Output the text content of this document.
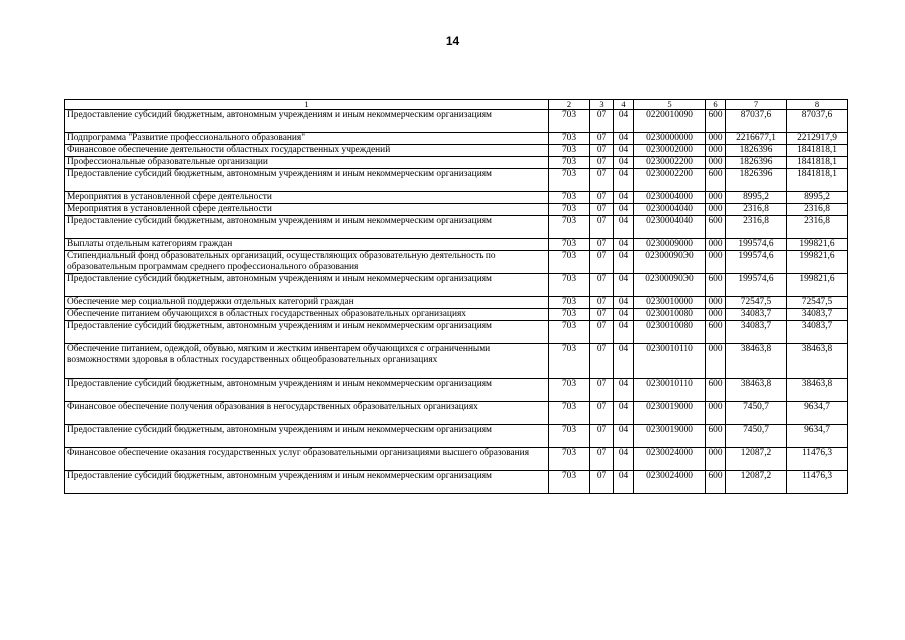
14
1	2	3	4	5	6	7	8
Предоставление субсидий бюджетным, автономным учреждениям и иным некоммерческим организациям	703	07	04	0220010090	600	87037,6	87037,6
Подпрограмма "Развитие профессионального образования"	703	07	04	0230000000	000	2216677,1	2212917,9
Финансовое обеспечение деятельности областных государственных учреждений	703	07	04	0230002000	000	1826396	1841818,1
Профессиональные образовательные организации	703	07	04	0230002200	000	1826396	1841818,1
Предоставление субсидий бюджетным, автономным учреждениям и иным некоммерческим организациям	703	07	04	0230002200	600	1826396	1841818,1
Мероприятия в установленной сфере деятельности	703	07	04	0230004000	000	8995,2	8995,2
Мероприятия в установленной сфере деятельности	703	07	04	0230004040	000	2316,8	2316,8
Предоставление субсидий бюджетным, автономным учреждениям и иным некоммерческим организациям	703	07	04	0230004040	600	2316,8	2316,8
Выплаты отдельным категориям граждан	703	07	04	0230009000	000	199574,6	199821,6
Стипендиальный фонд образовательных организаций, осуществляющих образовательную деятельность по образовательным программам среднего профессионального образования	703	07	04	02300090Э0	000	199574,6	199821,6
Предоставление субсидий бюджетным, автономным учреждениям и иным некоммерческим организациям	703	07	04	02300090Э0	600	199574,6	199821,6
Обеспечение мер социальной поддержки отдельных категорий граждан	703	07	04	0230010000	000	72547,5	72547,5
Обеспечение питанием обучающихся в областных государственных образовательных организациях	703	07	04	0230010080	000	34083,7	34083,7
Предоставление субсидий бюджетным, автономным учреждениям и иным некоммерческим организациям	703	07	04	0230010080	600	34083,7	34083,7
Обеспечение питанием, одеждой, обувью, мягким и жестким инвентарем обучающихся с ограниченными возможностями здоровья в областных государственных общеобразовательных организациях	703	07	04	0230010110	000	38463,8	38463,8
Предоставление субсидий бюджетным, автономным учреждениям и иным некоммерческим организациям	703	07	04	0230010110	600	38463,8	38463,8
Финансовое обеспечение получения образования в негосударственных образовательных организациях	703	07	04	0230019000	000	7450,7	9634,7
Предоставление субсидий бюджетным, автономным учреждениям и иным некоммерческим организациям	703	07	04	0230019000	600	7450,7	9634,7
Финансовое обеспечение оказания государственных услуг образовательными организациями высшего образования	703	07	04	0230024000	000	12087,2	11476,3
Предоставление субсидий бюджетным, автономным учреждениям и иным некоммерческим организациям	703	07	04	0230024000	600	12087,2	11476,3
